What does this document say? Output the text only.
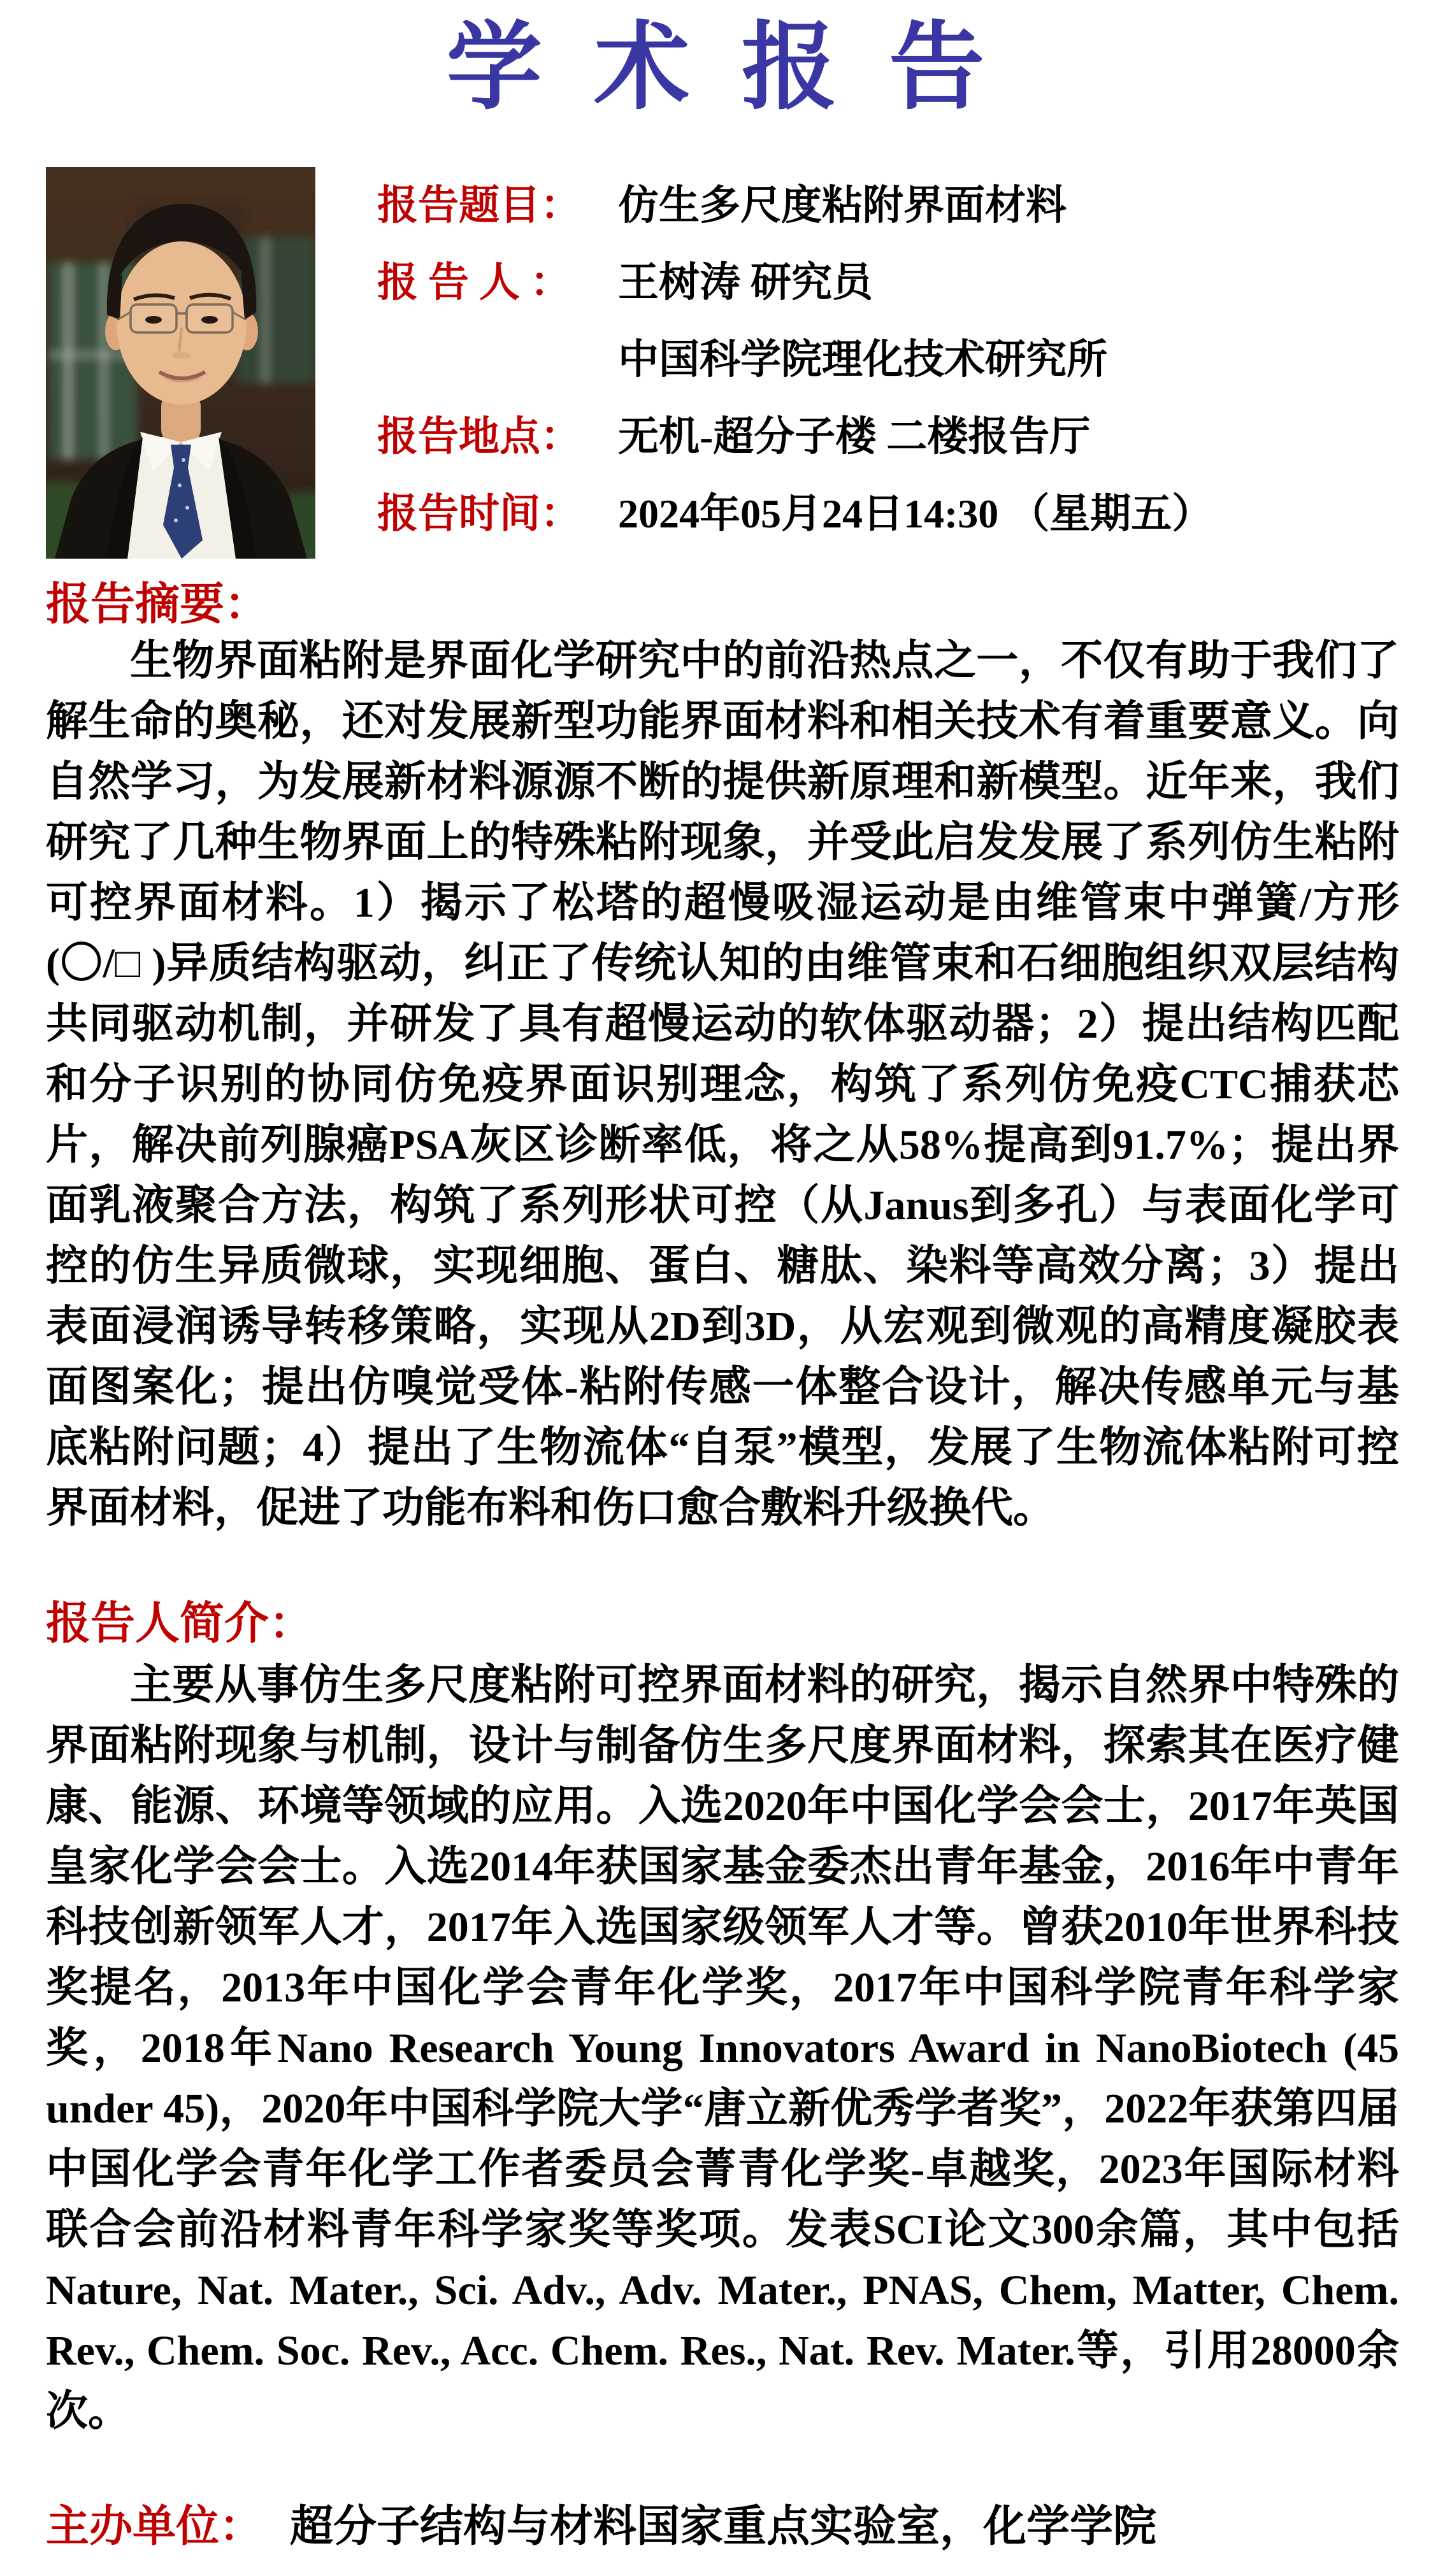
学 术 报 告
报告题目： 仿生多尺度粘附界面材料
报 告 人 ：	王树涛 研究员
中国科学院理化技术研究所
报告地点： 无机-超分子楼 二楼报告厅
报告时间： 2024年05月24日14:30 （星期五）
报告摘要：

生物界面粘附是界面化学研究中的前沿热点之一，不仅有助于我们了解生命的奥秘，还对发展新型功能界面材料和相关技术有着重要意义。向自然学习，为发展新材料源源不断的提供新原理和新模型。近年来，我们研究了几种生物界面上的特殊粘附现象，并受此启发发展了系列仿生粘附可控界面材料。1）揭示了松塔的超慢吸湿运动是由维管束中弹簧/方形(〇/□ )异质结构驱动，纠正了传统认知的由维管束和石细胞组织双层结构共同驱动机制，并研发了具有超慢运动的软体驱动器；2）提出结构匹配和分子识别的协同仿免疫界面识别理念，构筑了系列仿免疫CTC捕获芯片，解决前列腺癌PSA灰区诊断率低，将之从58%提高到91.7%；提出界面乳液聚合方法，构筑了系列形状可控（从Janus到多孔）与表面化学可控的仿生异质微球，实现细胞、蛋白、糖肽、染料等高效分离；3）提出表面浸润诱导转移策略，实现从2D到3D，从宏观到微观的高精度凝胶表面图案化；提出仿嗅觉受体-粘附传感一体整合设计，解决传感单元与基底粘附问题；4）提出了生物流体“自泵”模型，发展了生物流体粘附可控界面材料，促进了功能布料和伤口愈合敷料升级换代。

报告人简介：

主要从事仿生多尺度粘附可控界面材料的研究，揭示自然界中特殊的界面粘附现象与机制，设计与制备仿生多尺度界面材料，探索其在医疗健康、能源、环境等领域的应用。入选2020年中国化学会会士，2017年英国皇家化学会会士。入选2014年获国家基金委杰出青年基金，2016年中青年科技创新领军人才，2017年入选国家级领军人才等。曾获2010年世界科技奖提名，2013年中国化学会青年化学奖，2017年中国科学院青年科学家奖，2018年Nano Research Young Innovators Award in NanoBiotech (45 under 45)，2020年中国科学院大学“唐立新优秀学者奖”，2022年获第四届中国化学会青年化学工作者委员会菁青化学奖-卓越奖，2023年国际材料联合会前沿材料青年科学家奖等奖项。发表SCI论文300余篇，其中包括Nature, Nat. Mater., Sci. Adv., Adv. Mater., PNAS, Chem, Matter, Chem. Rev., Chem. Soc. Rev., Acc. Chem. Res., Nat. Rev. Mater.等，引用28000余次。

主办单位： 超分子结构与材料国家重点实验室，化学学院
